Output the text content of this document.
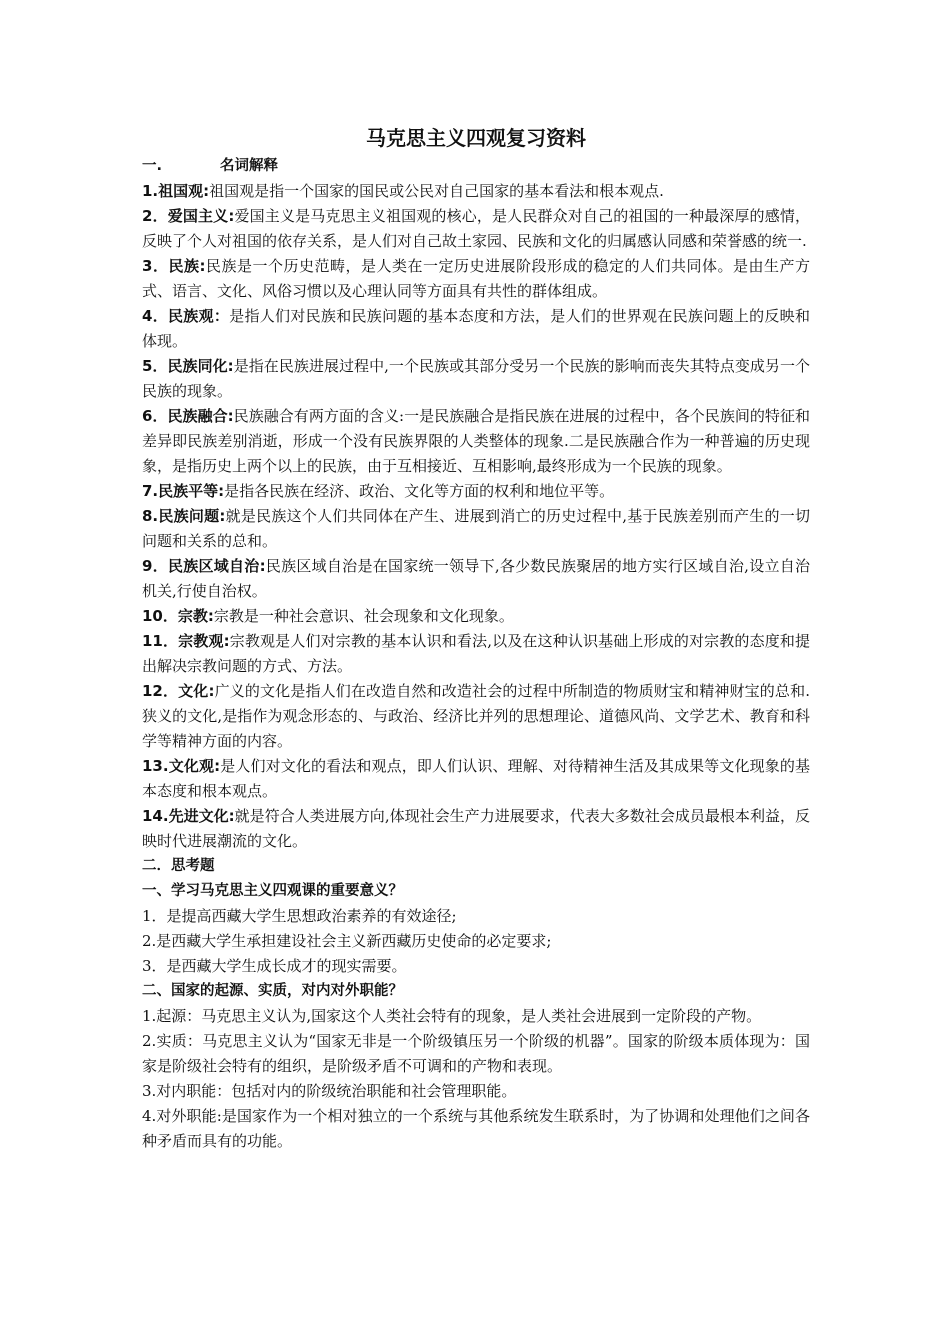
马克思主义四观复习资料
一.	名词解释

1.祖国观:祖国观是指一个国家的国民或公民对自己国家的基本看法和根本观点.

2．爱国主义:爱国主义是马克思主义祖国观的核心，是人民群众对自己的祖国的一种最深厚的感情，反映了个人对祖国的依存关系，是人们对自己故土家园、民族和文化的归属感认同感和荣誉感的统一.

3．民族:民族是一个历史范畴，是人类在一定历史进展阶段形成的稳定的人们共同体。是由生产方式、语言、文化、风俗习惯以及心理认同等方面具有共性的群体组成。

4．民族观：是指人们对民族和民族问题的基本态度和方法，是人们的世界观在民族问题上的反映和体现。

5．民族同化:是指在民族进展过程中,一个民族或其部分受另一个民族的影响而丧失其特点变成另一个民族的现象。

6．民族融合:民族融合有两方面的含义:一是民族融合是指民族在进展的过程中，各个民族间的特征和差异即民族差别消逝，形成一个没有民族界限的人类整体的现象.二是民族融合作为一种普遍的历史现象，是指历史上两个以上的民族，由于互相接近、互相影响,最终形成为一个民族的现象。

7.民族平等:是指各民族在经济、政治、文化等方面的权利和地位平等。

8.民族问题:就是民族这个人们共同体在产生、进展到消亡的历史过程中,基于民族差别而产生的一切问题和关系的总和。

9．民族区域自治:民族区域自治是在国家统一领导下,各少数民族聚居的地方实行区域自治,设立自治机关,行使自治权。

10．宗教:宗教是一种社会意识、社会现象和文化现象。

11．宗教观:宗教观是人们对宗教的基本认识和看法,以及在这种认识基础上形成的对宗教的态度和提出解决宗教问题的方式、方法。

12．文化:广义的文化是指人们在改造自然和改造社会的过程中所制造的物质财宝和精神财宝的总和.狭义的文化,是指作为观念形态的、与政治、经济比并列的思想理论、道德风尚、文学艺术、教育和科学等精神方面的内容。

13.文化观:是人们对文化的看法和观点，即人们认识、理解、对待精神生活及其成果等文化现象的基本态度和根本观点。

14.先进文化:就是符合人类进展方向,体现社会生产力进展要求，代表大多数社会成员最根本利益，反映时代进展潮流的文化。

二．思考题
一、学习马克思主义四观课的重要意义？

1．是提高西藏大学生思想政治素养的有效途径;

2.是西藏大学生承担建设社会主义新西藏历史使命的必定要求;

3．是西藏大学生成长成才的现实需要。

二、国家的起源、实质，对内对外职能？

1.起源：马克思主义认为,国家这个人类社会特有的现象，是人类社会进展到一定阶段的产物。

2.实质：马克思主义认为“国家无非是一个阶级镇压另一个阶级的机器”。国家的阶级本质体现为：国家是阶级社会特有的组织，是阶级矛盾不可调和的产物和表现。

3.对内职能：包括对内的阶级统治职能和社会管理职能。

4.对外职能:是国家作为一个相对独立的一个系统与其他系统发生联系时，为了协调和处理他们之间各种矛盾而具有的功能。
